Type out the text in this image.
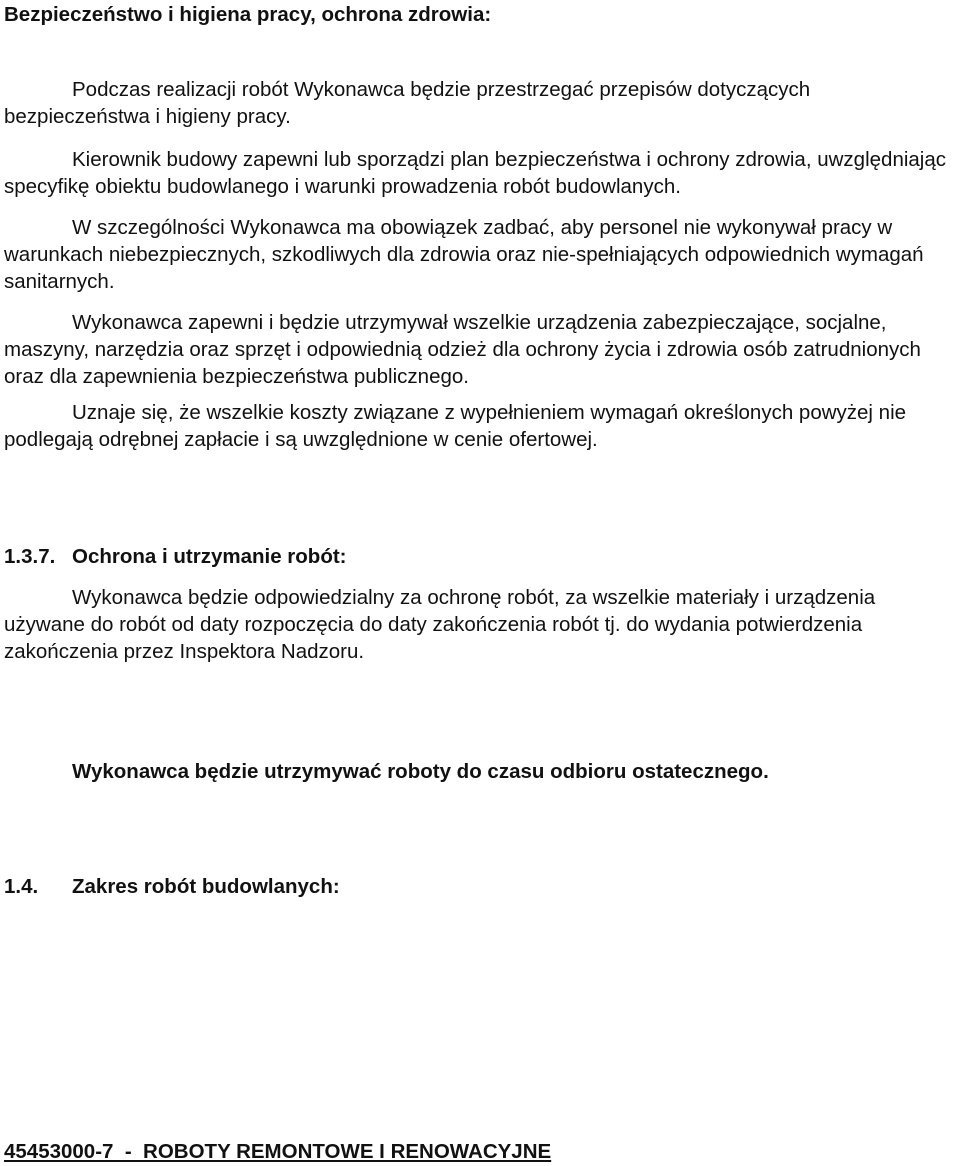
Bezpieczeństwo i higiena pracy, ochrona zdrowia:

Podczas realizacji robót Wykonawca będzie przestrzegać przepisów dotyczących bezpieczeństwa i higieny pracy.

Kierownik budowy zapewni lub sporządzi plan bezpieczeństwa i ochrony zdrowia, uwzględniając specyfikę obiektu budowlanego i warunki prowadzenia robót budowlanych.

W szczególności Wykonawca ma obowiązek zadbać, aby personel nie wykonywał pracy w warunkach niebezpiecznych, szkodliwych dla zdrowia oraz nie-spełniających odpowiednich wymagań sanitarnych.

Wykonawca zapewni i będzie utrzymywał wszelkie urządzenia zabezpieczające, socjalne, maszyny, narzędzia oraz sprzęt i odpowiednią odzież dla ochrony życia i zdrowia osób zatrudnionych oraz dla zapewnienia bezpieczeństwa publicznego.

Uznaje się, że wszelkie koszty związane z wypełnieniem wymagań określonych powyżej nie podlegają odrębnej zapłacie i są uwzględnione w cenie ofertowej.

1.3.7. Ochrona i utrzymanie robót:

Wykonawca będzie odpowiedzialny za ochronę robót, za wszelkie materiały i urządzenia używane do robót od daty rozpoczęcia do daty zakończenia robót tj. do wydania potwierdzenia zakończenia przez Inspektora Nadzoru.

Wykonawca będzie utrzymywać roboty do czasu odbioru ostatecznego.
1.4. Zakres robót budowlanych:
45453000-7  -  ROBOTY REMONTOWE I RENOWACYJNE
